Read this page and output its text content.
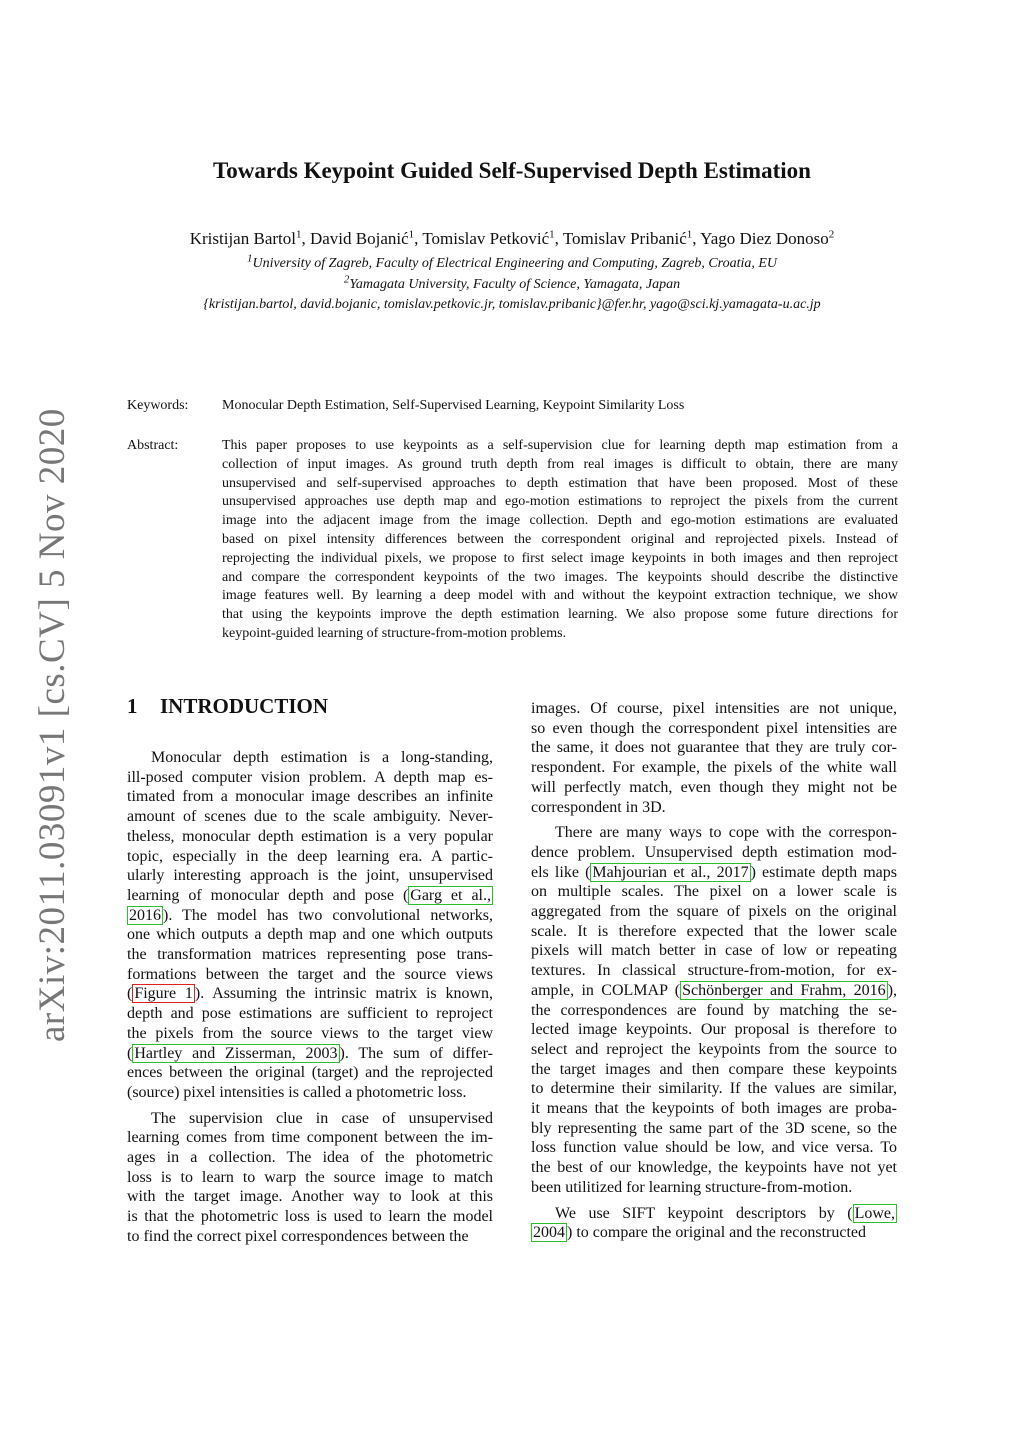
arXiv:2011.03091v1 [cs.CV] 5 Nov 2020
Towards Keypoint Guided Self-Supervised Depth Estimation
Kristijan Bartol$^1$, David Bojanić$^1$, Tomislav Petković$^1$, Tomislav Pribanić$^1$, Yago Diez Donoso$^2$
$^1$University of Zagreb, Faculty of Electrical Engineering and Computing, Zagreb, Croatia, EU
$^2$Yamagata University, Faculty of Science, Yamagata, Japan
{kristijan.bartol, david.bojanic, tomislav.petkovic.jr, tomislav.pribanic}@fer.hr, yago@sci.kj.yamagata-u.ac.jp
Keywords: Monocular Depth Estimation, Self-Supervised Learning, Keypoint Similarity Loss
Abstract:	This paper proposes to use keypoints as a self-supervision clue for learning depth map estimation from a
collection of input images. As ground truth depth from real images is difficult to obtain, there are many
unsupervised and self-supervised approaches to depth estimation that have been proposed. Most of these
unsupervised approaches use depth map and ego-motion estimations to reproject the pixels from the current
image into the adjacent image from the image collection. Depth and ego-motion estimations are evaluated
based on pixel intensity differences between the correspondent original and reprojected pixels. Instead of
reprojecting the individual pixels, we propose to first select image keypoints in both images and then reproject
and compare the correspondent keypoints of the two images. The keypoints should describe the distinctive
image features well. By learning a deep model with and without the keypoint extraction technique, we show
that using the keypoints improve the depth estimation learning. We also propose some future directions for
keypoint-guided learning of structure-from-motion problems.
1 INTRODUCTION
Monocular depth estimation is a long-standing,
ill-posed computer vision problem. A depth map es-
timated from a monocular image describes an infinite
amount of scenes due to the scale ambiguity. Never-
theless, monocular depth estimation is a very popular
topic, especially in the deep learning era. A partic-
ularly interesting approach is the joint, unsupervised
learning of monocular depth and pose ( Garg et al.,
2016 ). The model has two convolutional networks,
one which outputs a depth map and one which outputs
the transformation matrices representing pose trans-
formations between the target and the source views
( Figure 1 ). Assuming the intrinsic matrix is known,
depth and pose estimations are sufficient to reproject
the pixels from the source views to the target view
( Hartley and Zisserman, 2003 ). The sum of differ-
ences between the original (target) and the reprojected
(source) pixel intensities is called a photometric loss.
The supervision clue in case of unsupervised
learning comes from time component between the im-
ages in a collection. The idea of the photometric
loss is to learn to warp the source image to match
with the target image. Another way to look at this
is that the photometric loss is used to learn the model
to find the correct pixel correspondences between the
images. Of course, pixel intensities are not unique,
so even though the correspondent pixel intensities are
the same, it does not guarantee that they are truly cor-
respondent. For example, the pixels of the white wall
will perfectly match, even though they might not be
correspondent in 3D.
There are many ways to cope with the correspon-
dence problem. Unsupervised depth estimation mod-
els like ( Mahjourian et al., 2017 ) estimate depth maps
on multiple scales. The pixel on a lower scale is
aggregated from the square of pixels on the original
scale. It is therefore expected that the lower scale
pixels will match better in case of low or repeating
textures. In classical structure-from-motion, for ex-
ample, in COLMAP ( Schönberger and Frahm, 2016 ),
the correspondences are found by matching the se-
lected image keypoints. Our proposal is therefore to
select and reproject the keypoints from the source to
the target images and then compare these keypoints
to determine their similarity. If the values are similar,
it means that the keypoints of both images are proba-
bly representing the same part of the 3D scene, so the
loss function value should be low, and vice versa. To
the best of our knowledge, the keypoints have not yet
been utilitized for learning structure-from-motion.
We use SIFT keypoint descriptors by ( Lowe,
2004 ) to compare the original and the reconstructed
